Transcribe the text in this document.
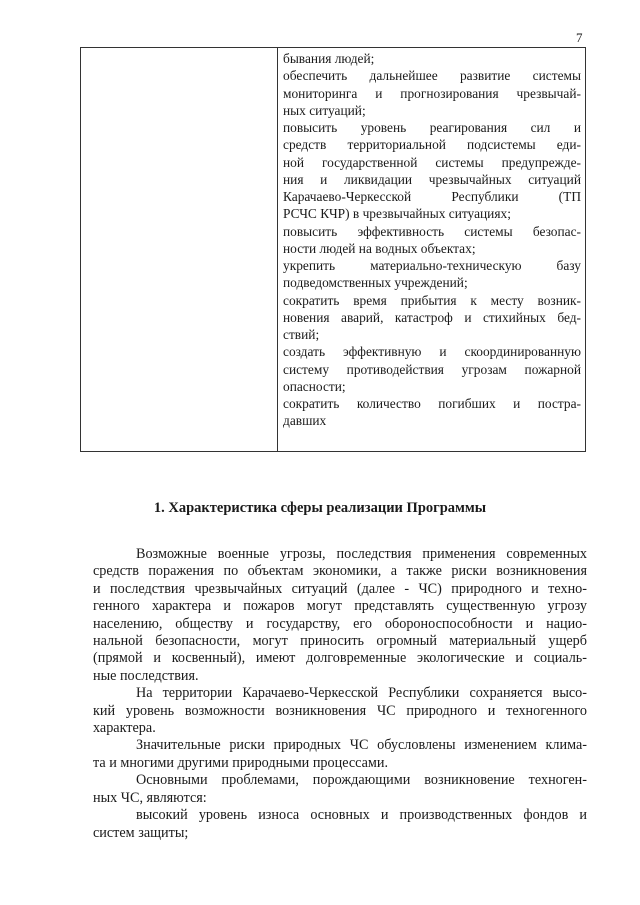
7

бывания людей;
обеспечить дальнейшее развитие системы
мониторинга и прогнозирования чрезвычай-
ных ситуаций;
повысить уровень реагирования сил и
средств территориальной подсистемы еди-
ной государственной системы предупрежде-
ния и ликвидации чрезвычайных ситуаций
Карачаево-Черкесской Республики (ТП
РСЧС КЧР) в чрезвычайных ситуациях;
повысить эффективность системы безопас-
ности людей на водных объектах;
укрепить материально-техническую базу
подведомственных учреждений;
сократить время прибытия к месту возник-
новения аварий, катастроф и стихийных бед-
ствий;
создать эффективную и скоординированную
систему противодействия угрозам пожарной
опасности;
сократить количество погибших и постра-
давших
1. Характеристика сферы реализации Программы
Возможные военные угрозы, последствия применения современных
средств поражения по объектам экономики, а также риски возникновения
и последствия чрезвычайных ситуаций (далее - ЧС) природного и техно-
генного характера и пожаров могут представлять существенную угрозу
населению, обществу и государству, его обороноспособности и нацио-
нальной безопасности, могут приносить огромный материальный ущерб
(прямой и косвенный), имеют долговременные экологические и социаль-
ные последствия.
На территории Карачаево-Черкесской Республики сохраняется высо-
кий уровень возможности возникновения ЧС природного и техногенного
характера.
Значительные риски природных ЧС обусловлены изменением клима-
та и многими другими природными процессами.
Основными проблемами, порождающими возникновение техноген-
ных ЧС, являются:
высокий уровень износа основных и производственных фондов и
систем защиты;
